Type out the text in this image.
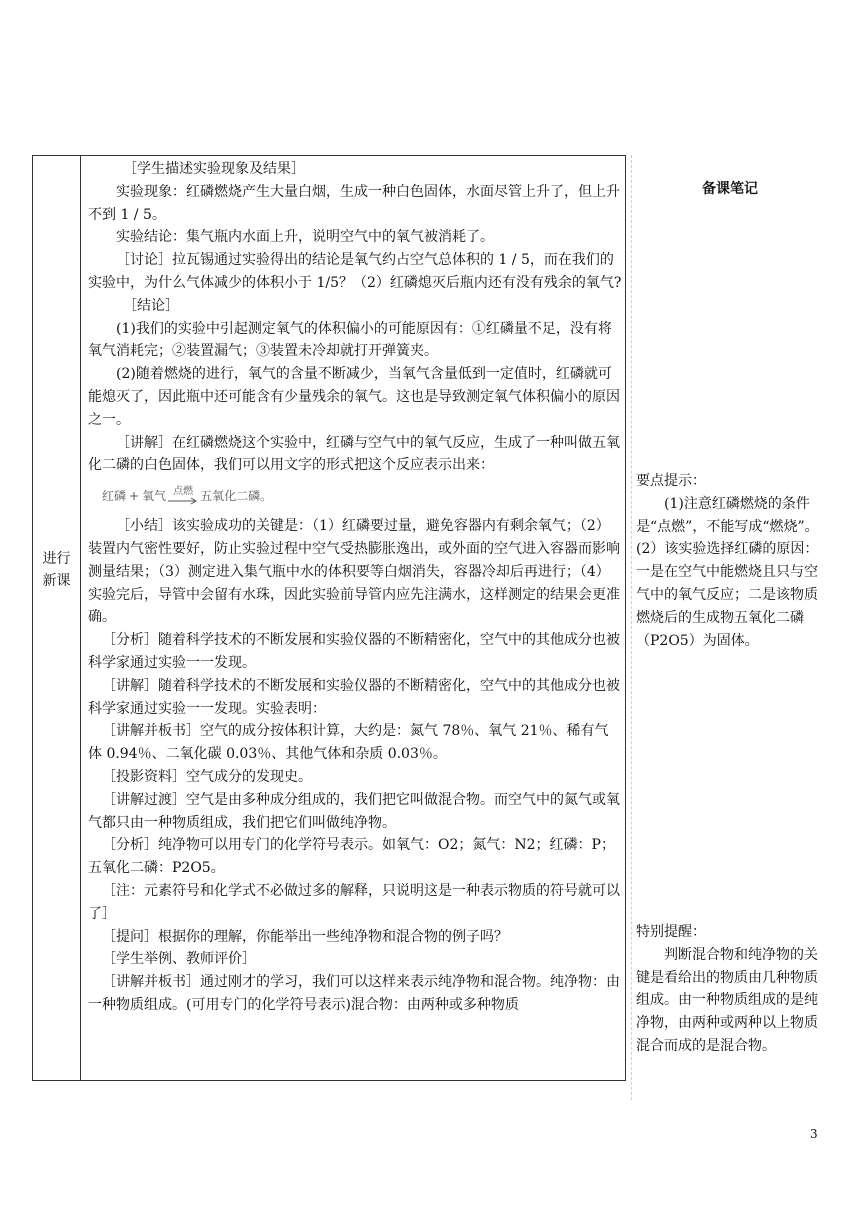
进行
新课

［学生描述实验现象及结果］

实验现象：红磷燃烧产生大量白烟，生成一种白色固体，水面尽管上升了，但上升不到 1 / 5。

实验结论：集气瓶内水面上升，说明空气中的氧气被消耗了。

［讨论］拉瓦锡通过实验得出的结论是氧气约占空气总体积的 1 / 5，而在我们的实验中，为什么气体减少的体积小于 1/5？（2）红磷熄灭后瓶内还有没有残余的氧气?

［结论］

(1)我们的实验中引起测定氧气的体积偏小的可能原因有：①红磷量不足，没有将氧气消耗完；②装置漏气；③装置未冷却就打开弹簧夹。

(2)随着燃烧的进行，氧气的含量不断减少，当氧气含量低到一定值时，红磷就可能熄灭了，因此瓶中还可能含有少量残余的氧气。这也是导致测定氧气体积偏小的原因之一。

［讲解］在红磷燃烧这个实验中，红磷与空气中的氧气反应，生成了一种叫做五氧化二磷的白色固体，我们可以用文字的形式把这个反应表示出来：

红磷 + 氧气 点燃 五氧化二磷 。

［小结］该实验成功的关键是：（1）红磷要过量，避免容器内有剩余氧气；（2）装置内气密性要好，防止实验过程中空气受热膨胀逸出，或外面的空气进入容器而影响测量结果；（3）测定进入集气瓶中水的体积要等白烟消失，容器冷却后再进行；（4）实验完后，导管中会留有水珠，因此实验前导管内应先注满水，这样测定的结果会更准确。

［分析］随着科学技术的不断发展和实验仪器的不断精密化，空气中的其他成分也被科学家通过实验一一发现。

［讲解］随着科学技术的不断发展和实验仪器的不断精密化，空气中的其他成分也被科学家通过实验一一发现。实验表明：

［讲解并板书］空气的成分按体积计算，大约是：氮气 78％、氧气 21％、稀有气体 0.94％、二氧化碳 0.03％、其他气体和杂质 0.03％。

［投影资料］空气成分的发现史。

［讲解过渡］空气是由多种成分组成的，我们把它叫做混合物。而空气中的氮气或氧气都只由一种物质组成，我们把它们叫做纯净物。

［分析］纯净物可以用专门的化学符号表示。如氧气：O2；氮气：N2；红磷：P；五氧化二磷：P2O5。

［注：元素符号和化学式不必做过多的解释，只说明这是一种表示物质的符号就可以了］

［提问］根据你的理解，你能举出一些纯净物和混合物的例子吗？

［学生举例、教师评价］

［讲解并板书］通过刚才的学习，我们可以这样来表示纯净物和混合物。纯净物：由一种物质组成。(可用专门的化学符号表示)混合物：由两种或多种物质

备课笔记

要点提示：

(1)注意红磷燃烧的条件是“点燃”，不能写成“燃烧”。(2）该实验选择红磷的原因：一是在空气中能燃烧且只与空气中的氧气反应；二是该物质燃烧后的生成物五氧化二磷（P2O5）为固体。

特别提醒：

判断混合物和纯净物的关键是看给出的物质由几种物质组成。由一种物质组成的是纯净物，由两种或两种以上物质混合而成的是混合物。

3
